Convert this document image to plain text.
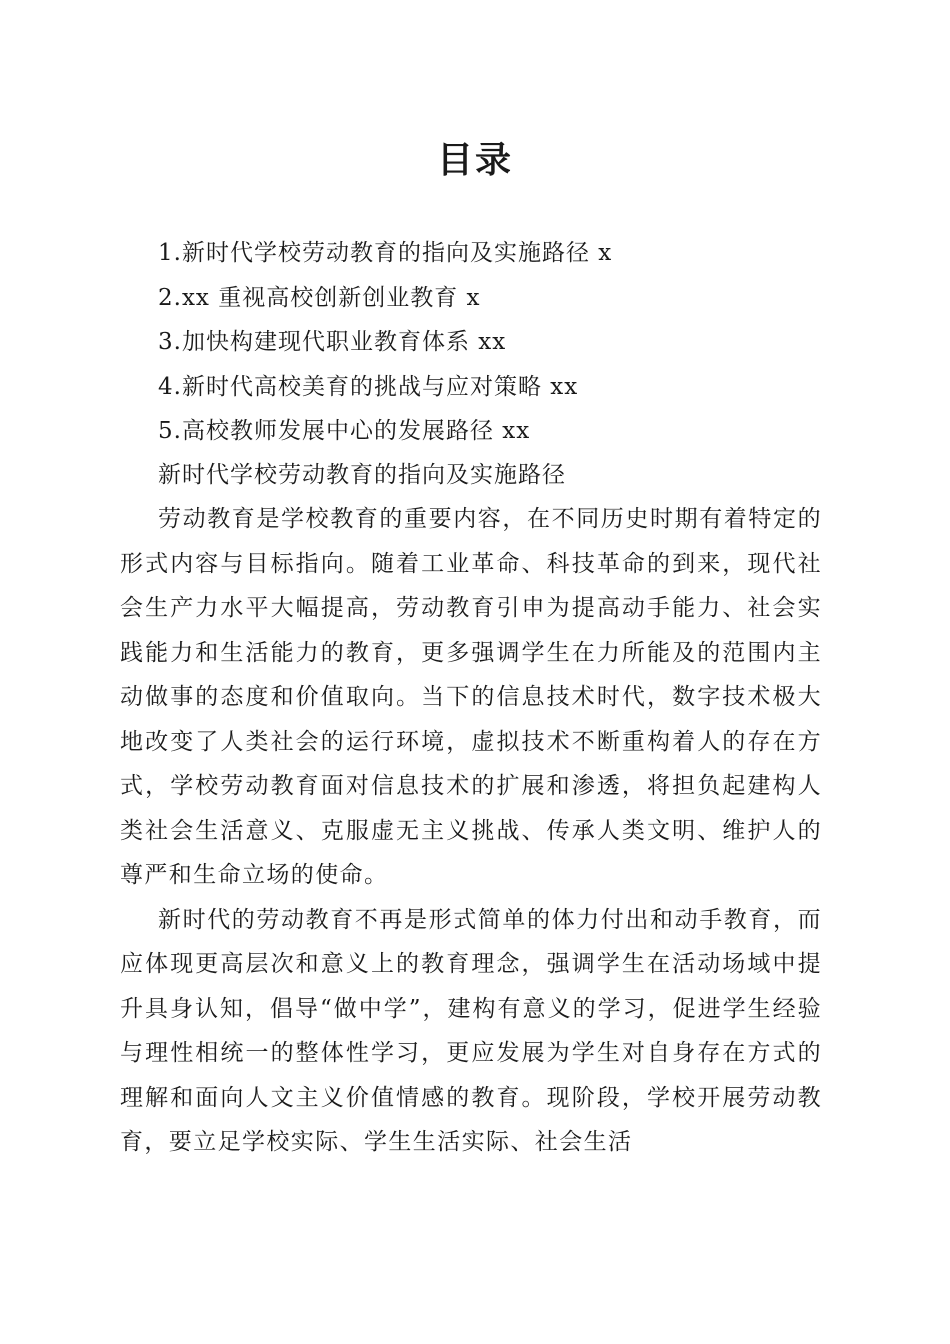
目录
1.新时代学校劳动教育的指向及实施路径 x
2.xx 重视高校创新创业教育 x
3.加快构建现代职业教育体系 xx
4.新时代高校美育的挑战与应对策略 xx
5.高校教师发展中心的发展路径 xx
新时代学校劳动教育的指向及实施路径

劳动教育是学校教育的重要内容，在不同历史时期有着特定的形式内容与目标指向。随着工业革命、科技革命的到来，现代社会生产力水平大幅提高，劳动教育引申为提高动手能力、社会实践能力和生活能力的教育，更多强调学生在力所能及的范围内主动做事的态度和价值取向。当下的信息技术时代，数字技术极大地改变了人类社会的运行环境，虚拟技术不断重构着人的存在方式，学校劳动教育面对信息技术的扩展和渗透，将担负起建构人类社会生活意义、克服虚无主义挑战、传承人类文明、维护人的尊严和生命立场的使命。

新时代的劳动教育不再是形式简单的体力付出和动手教育，而应体现更高层次和意义上的教育理念，强调学生在活动场域中提升具身认知，倡导“做中学”，建构有意义的学习，促进学生经验与理性相统一的整体性学习，更应发展为学生对自身存在方式的理解和面向人文主义价值情感的教育。现阶段，学校开展劳动教育，要立足学校实际、学生生活实际、社会生活
